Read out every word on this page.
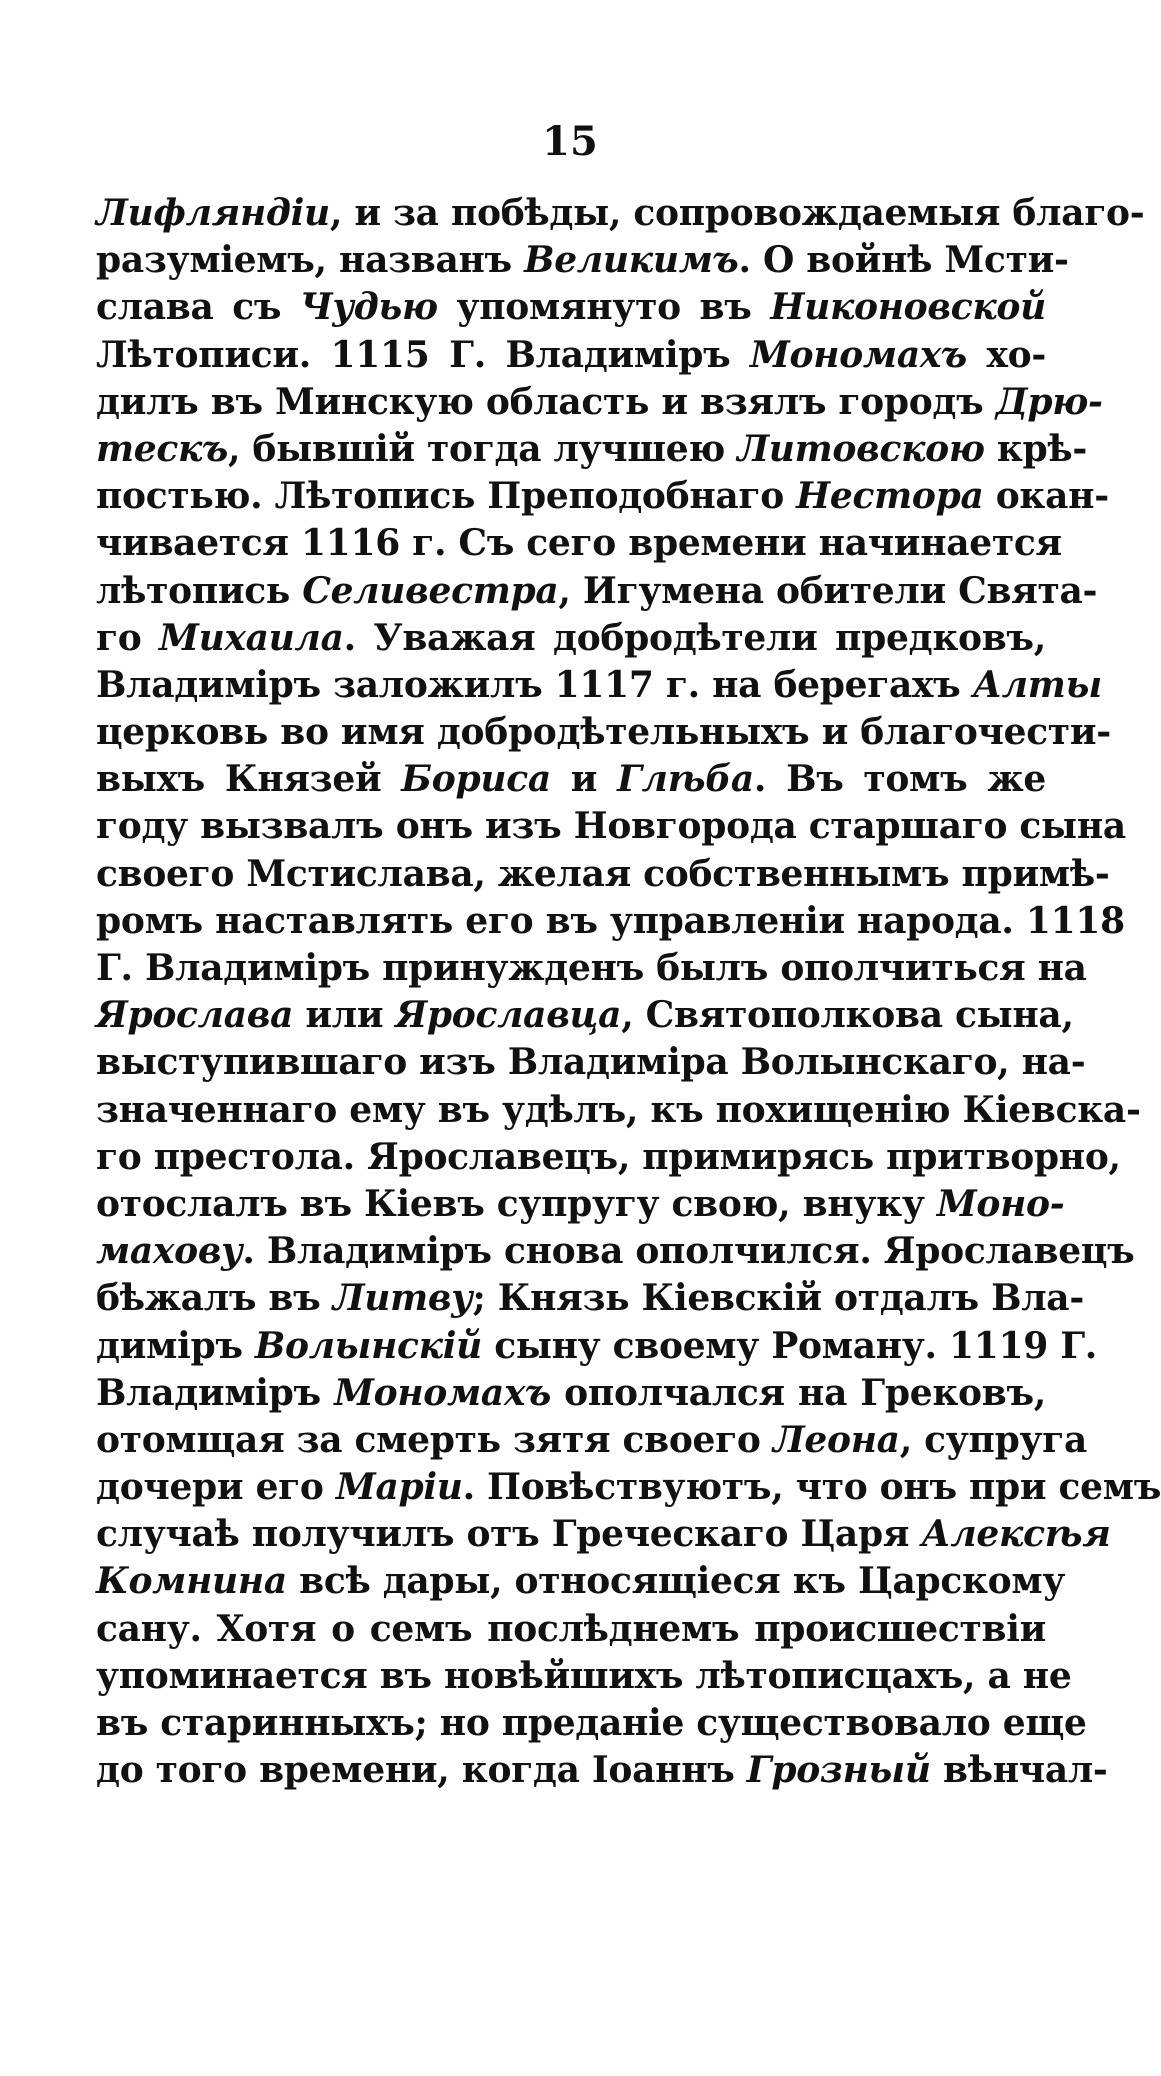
15
Лифляндіи, и за побѣды, сопровождаемыя благо-
разуміемъ, названъ Великимъ. О войнѣ Мсти-
слава съ Чудью упомянуто въ Никоновской
Лѣтописи. 1115 Г. Владиміръ Мономахъ хо-
дилъ въ Минскую область и взялъ городъ Дрю-
тескъ, бывшій тогда лучшею Литовскою крѣ-
постью. Лѣтопись Преподобнаго Нестора окан-
чивается 1116 г. Съ сего времени начинается
лѣтопись Селивестра, Игумена обители Свята-
го Михаила. Уважая добродѣтели предковъ,
Владиміръ заложилъ 1117 г. на берегахъ Алты
церковь во имя добродѣтельныхъ и благочести-
выхъ Князей Бориса и Глѣба. Въ томъ же
году вызвалъ онъ изъ Новгорода старшаго сына
своего Мстислава, желая собственнымъ примѣ-
ромъ наставлять его въ управленіи народа. 1118
Г. Владиміръ принужденъ былъ ополчиться на
Ярослава или Ярославца, Святополкова сына,
выступившаго изъ Владиміра Волынскаго, на-
значеннаго ему въ удѣлъ, къ похищенію Кіевска-
го престола. Ярославецъ, примирясь притворно,
отослалъ въ Кіевъ супругу свою, внуку Моно-
махову. Владиміръ снова ополчился. Ярославецъ
бѣжалъ въ Литву; Князь Кіевскій отдалъ Вла-
диміръ Волынскій сыну своему Роману. 1119 Г.
Владиміръ Мономахъ ополчался на Грековъ,
отомщая за смерть зятя своего Леона, супруга
дочери его Маріи. Повѣствуютъ, что онъ при семъ
случаѣ получилъ отъ Греческаго Царя Алексѣя
Комнина всѣ дары, относящіеся къ Царскому
сану. Хотя о семъ послѣднемъ происшествіи
упоминается въ новѣйшихъ лѣтописцахъ, а не
въ старинныхъ; но преданіе существовало еще
до того времени, когда Іоаннъ Грозный вѣнчал-
